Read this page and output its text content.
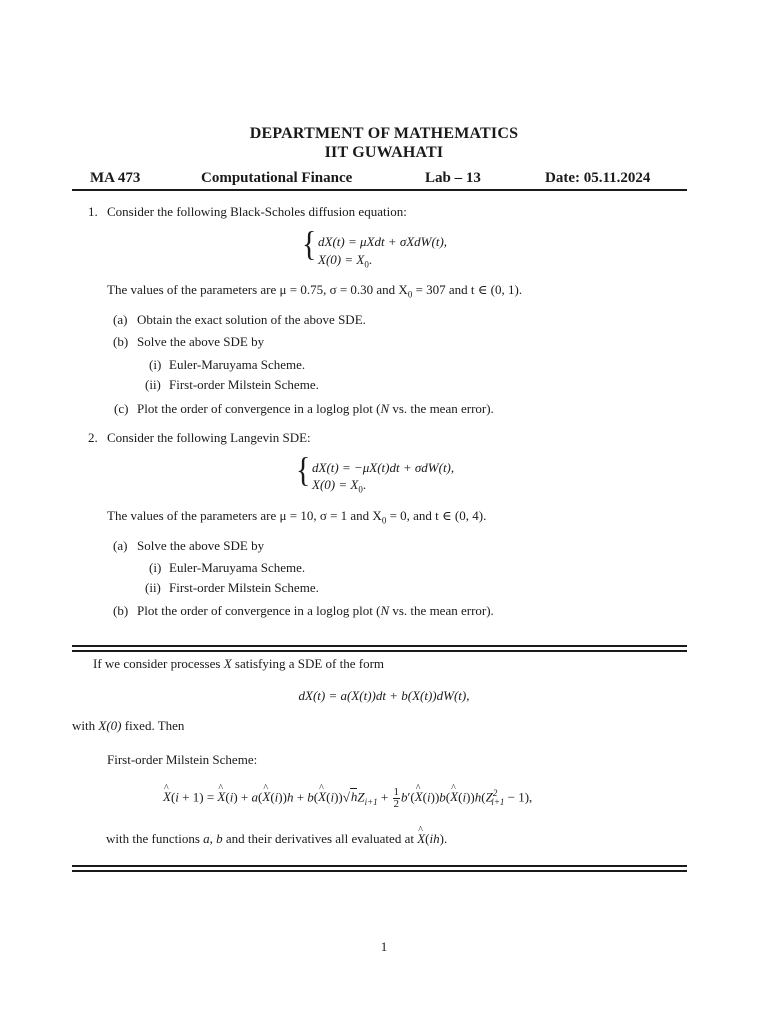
DEPARTMENT OF MATHEMATICS
IIT GUWAHATI
MA 473	Computational Finance	Lab – 13	Date: 05.11.2024
1. Consider the following Black-Scholes diffusion equation:
{ dX(t) = μXdt + σXdW(t),
$X(0) = X_0$.
The values of the parameters are μ = 0.75, σ = 0.30 and $X_0 = 307$ and t ∈ (0, 1).
(a) Obtain the exact solution of the above SDE.
(b) Solve the above SDE by
(i) Euler-Maruyama Scheme.
(ii) First-order Milstein Scheme.
(c) Plot the order of convergence in a loglog plot (N vs. the mean error).
2. Consider the following Langevin SDE:
{ dX(t) = −μX(t)dt + σdW(t),
$X(0) = X_0$.
The values of the parameters are μ = 10, σ = 1 and $X_0 = 0$, and t ∈ (0, 4).
(a) Solve the above SDE by
(i) Euler-Maruyama Scheme.
(ii) First-order Milstein Scheme.
(b) Plot the order of convergence in a loglog plot (N vs. the mean error).
If we consider processes X satisfying a SDE of the form
dX(t) = a(X(t))dt + b(X(t))dW(t),
with X(0) fixed. Then
First-order Milstein Scheme:
^ X(i + 1) = ^ X(i) + a(^ X(i))h + b(^ $X(i))√hZ_{i+1} + \frac{1}{2}$ b′(^ X(i))b(^ $X(i))h(Z^2_{i+1} - 1)$,
with the functions a, b and their derivatives all evaluated at ^ X(ih).
1
